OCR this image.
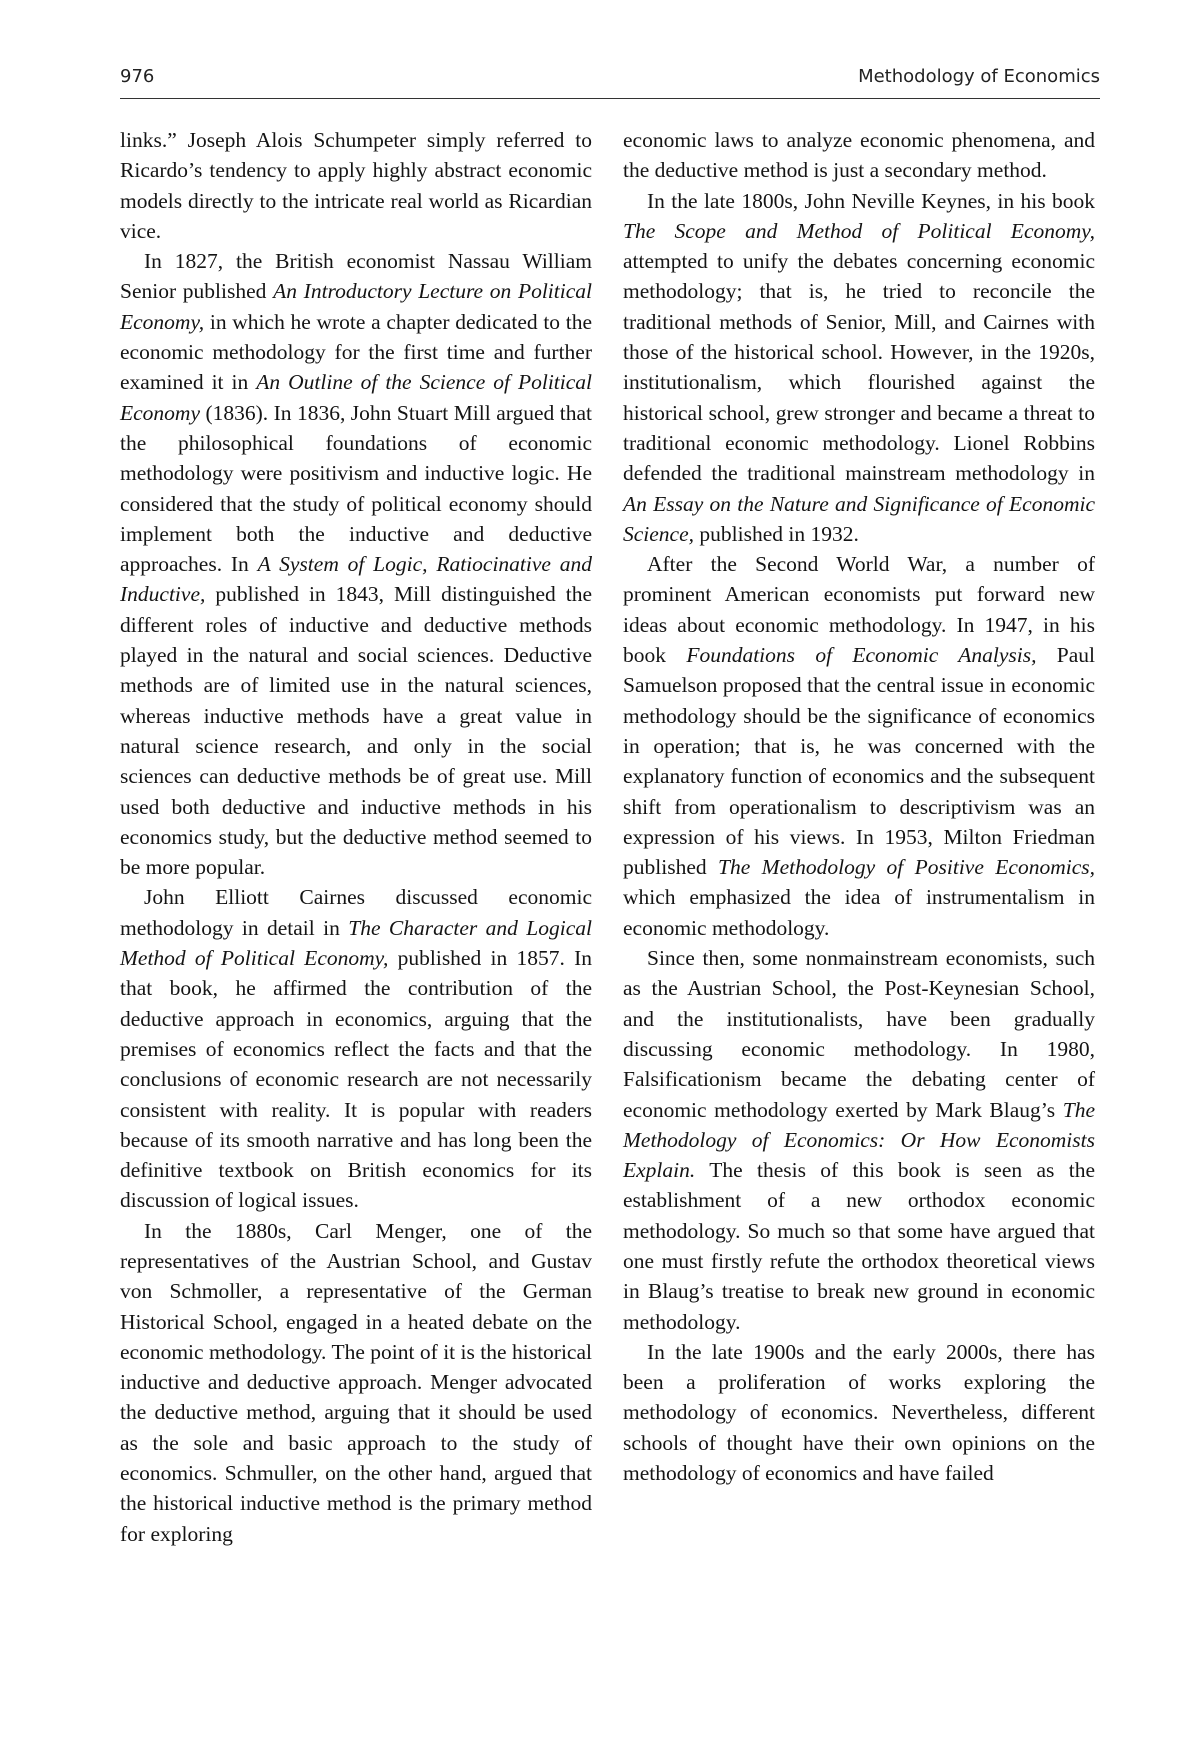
976	Methodology of Economics

links.” Joseph Alois Schumpeter simply referred to Ricardo’s tendency to apply highly abstract economic models directly to the intricate real world as Ricardian vice.

In 1827, the British economist Nassau William Senior published An Introductory Lecture on Political Economy, in which he wrote a chapter dedicated to the economic methodology for the first time and further examined it in An Outline of the Science of Political Economy (1836). In 1836, John Stuart Mill argued that the philosophical foundations of economic methodology were positivism and inductive logic. He considered that the study of political economy should implement both the inductive and deductive approaches. In A System of Logic, Ratiocinative and Inductive, published in 1843, Mill distinguished the different roles of inductive and deductive methods played in the natural and social sciences. Deductive methods are of limited use in the natural sciences, whereas inductive methods have a great value in natural science research, and only in the social sciences can deductive methods be of great use. Mill used both deductive and inductive methods in his economics study, but the deductive method seemed to be more popular.

John Elliott Cairnes discussed economic methodology in detail in The Character and Logical Method of Political Economy, published in 1857. In that book, he affirmed the contribution of the deductive approach in economics, arguing that the premises of economics reflect the facts and that the conclusions of economic research are not necessarily consistent with reality. It is popular with readers because of its smooth narrative and has long been the definitive textbook on British economics for its discussion of logical issues.

In the 1880s, Carl Menger, one of the representatives of the Austrian School, and Gustav von Schmoller, a representative of the German Historical School, engaged in a heated debate on the economic methodology. The point of it is the historical inductive and deductive approach. Menger advocated the deductive method, arguing that it should be used as the sole and basic approach to the study of economics. Schmuller, on the other hand, argued that the historical inductive method is the primary method for exploring

economic laws to analyze economic phenomena, and the deductive method is just a secondary method.

In the late 1800s, John Neville Keynes, in his book The Scope and Method of Political Economy, attempted to unify the debates concerning economic methodology; that is, he tried to reconcile the traditional methods of Senior, Mill, and Cairnes with those of the historical school. However, in the 1920s, institutionalism, which flourished against the historical school, grew stronger and became a threat to traditional economic methodology. Lionel Robbins defended the traditional mainstream methodology in An Essay on the Nature and Significance of Economic Science, published in 1932.

After the Second World War, a number of prominent American economists put forward new ideas about economic methodology. In 1947, in his book Foundations of Economic Analysis, Paul Samuelson proposed that the central issue in economic methodology should be the significance of economics in operation; that is, he was concerned with the explanatory function of economics and the subsequent shift from operationalism to descriptivism was an expression of his views. In 1953, Milton Friedman published The Methodology of Positive Economics, which emphasized the idea of instrumentalism in economic methodology.

Since then, some nonmainstream economists, such as the Austrian School, the Post-Keynesian School, and the institutionalists, have been gradually discussing economic methodology. In 1980, Falsificationism became the debating center of economic methodology exerted by Mark Blaug’s The Methodology of Economics: Or How Economists Explain. The thesis of this book is seen as the establishment of a new orthodox economic methodology. So much so that some have argued that one must firstly refute the orthodox theoretical views in Blaug’s treatise to break new ground in economic methodology.

In the late 1900s and the early 2000s, there has been a proliferation of works exploring the methodology of economics. Nevertheless, different schools of thought have their own opinions on the methodology of economics and have failed
